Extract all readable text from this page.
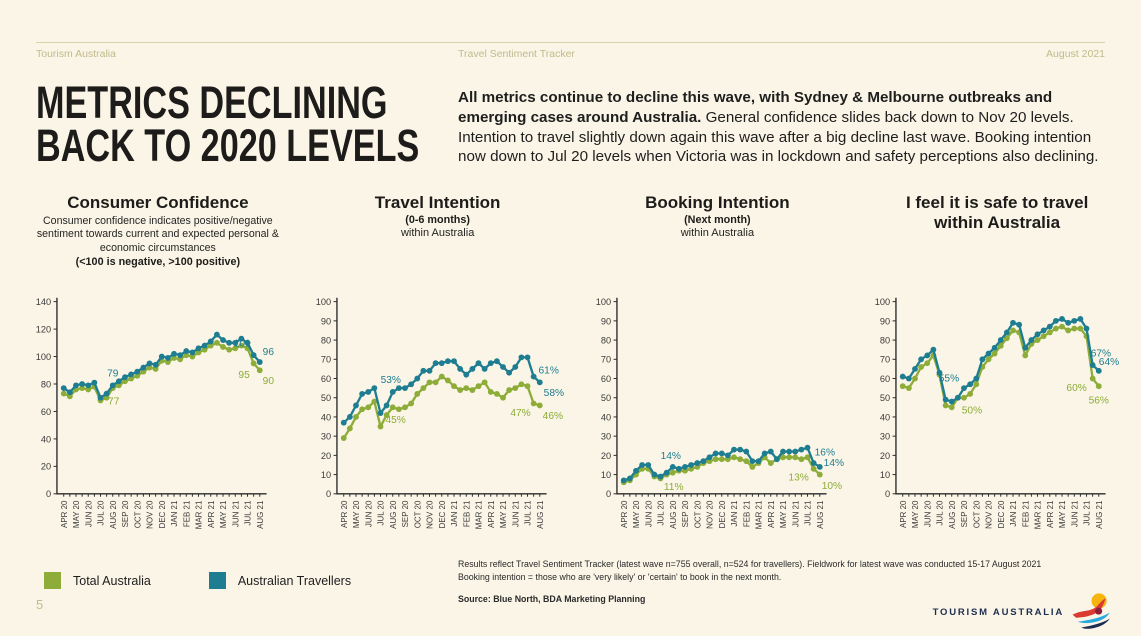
Tourism Australia	Travel Sentiment Tracker	August 2021
METRICS DECLINING
BACK TO 2020 LEVELS
All metrics continue to decline this wave, with Sydney & Melbourne outbreaks and emerging cases around Australia. General confidence slides back down to Nov 20 levels. Intention to travel slightly down again this wave after a big decline last wave. Booking intention now down to Jul 20 levels when Victoria was in lockdown and safety perceptions also declining.
Consumer Confidence
Consumer confidence indicates positive/negative sentiment towards current and expected personal & economic circumstances
(<100 is negative, >100 positive)
0
20
40
60
80
100
120
140
APR 20 MAY 20 JUN 20 JUL 20 AUG 20 SEP 20 OCT 20 NOV 20 DEC 20 JAN 21 FEB 21 MAR 21 APR 21 MAY 21 JUN 21 JUL 21 AUG 21
79
77
101
96
95
90
Travel Intention
(0-6 months)
within Australia
0
10
20
30
40
50
60
70
80
90
100
APR 20 MAY 20 JUN 20 JUL 20 AUG 20 SEP 20 OCT 20 NOV 20 DEC 20 JAN 21 FEB 21 MAR 21 APR 21 MAY 21 JUN 21 JUL 21 AUG 21
53%
45%
61%
58%
47% 46%
Booking Intention
(Next month)
within Australia
0
10
20
30
40
50
60
70
80
90
100
APR 20 MAY 20 JUN 20 JUL 20 AUG 20 SEP 20 OCT 20 NOV 20 DEC 20 JAN 21 FEB 21 MAR 21 APR 21 MAY 21 JUN 21 JUL 21 AUG 21
14%
11%
16%
14%
13%
10%
I feel it is safe to travel within Australia
0
10
20
30
40
50
60
70
80
90
100
APR 20 MAY 20 JUN 20 JUL 20 AUG 20 SEP 20 OCT 20 NOV 20 DEC 20 JAN 21 FEB 21 MAR 21 APR 21 MAY 21 JUN 21 JUL 21 AUG 21
55%
50%
67%
64%
60%
56%
Total Australia	Australian Travellers
Results reflect Travel Sentiment Tracker (latest wave n=755 overall, n=524 for travellers). Fieldwork for latest wave was conducted 15-17 August 2021
Booking intention = those who are 'very likely' or 'certain' to book in the next month.
Source: Blue North, BDA Marketing Planning
5	TOURISM AUSTRALIA
